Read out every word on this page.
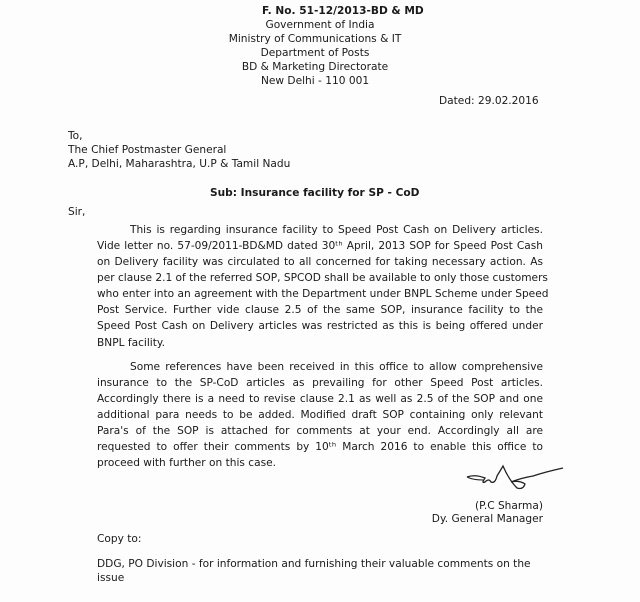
F. No. 51-12/2013-BD & MD
Government of India
Ministry of Communications & IT
Department of Posts
BD & Marketing Directorate
New Delhi - 110 001
Dated: 29.02.2016
To,
The Chief Postmaster General
A.P, Delhi, Maharashtra, U.P & Tamil Nadu
Sub: Insurance facility for SP - CoD
Sir,
This is regarding insurance facility to Speed Post Cash on Delivery articles.
Vide letter no. 57-09/2011-BD&MD dated 30ᵗʰ April, 2013 SOP for Speed Post Cash
on Delivery facility was circulated to all concerned for taking necessary action. As
per clause 2.1 of the referred SOP, SPCOD shall be available to only those customers
who enter into an agreement with the Department under BNPL Scheme under Speed
Post Service. Further vide clause 2.5 of the same SOP, insurance facility to the
Speed Post Cash on Delivery articles was restricted as this is being offered under
BNPL facility.
Some references have been received in this office to allow comprehensive
insurance to the SP-CoD articles as prevailing for other Speed Post articles.
Accordingly there is a need to revise clause 2.1 as well as 2.5 of the SOP and one
additional para needs to be added. Modified draft SOP containing only relevant
Para's of the SOP is attached for comments at your end. Accordingly all are
requested to offer their comments by 10ᵗʰ March 2016 to enable this office to
proceed with further on this case.
(P.C Sharma)
Dy. General Manager
Copy to:
DDG, PO Division - for information and furnishing their valuable comments on the
issue
